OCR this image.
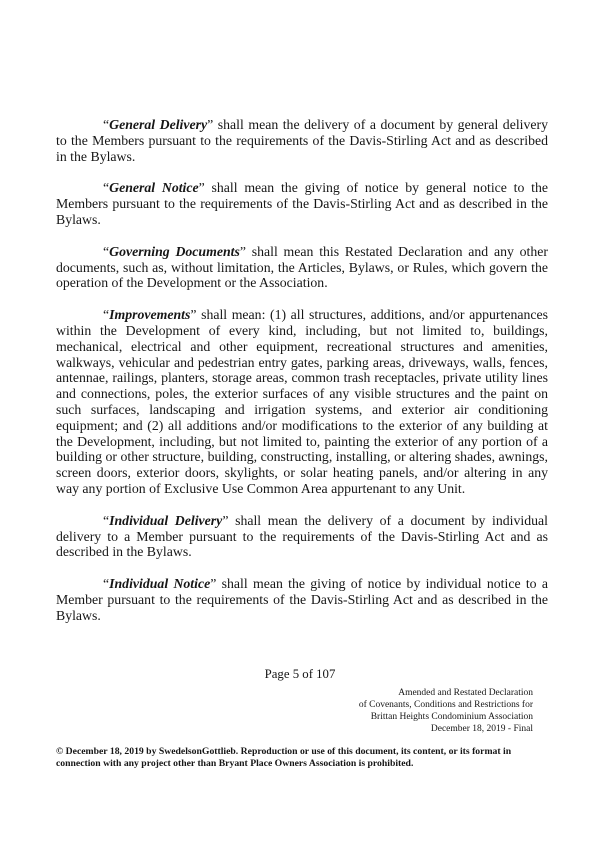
“General Delivery” shall mean the delivery of a document by general delivery to the Members pursuant to the requirements of the Davis-Stirling Act and as described in the Bylaws.

“General Notice” shall mean the giving of notice by general notice to the Members pursuant to the requirements of the Davis-Stirling Act and as described in the Bylaws.

“Governing Documents” shall mean this Restated Declaration and any other documents, such as, without limitation, the Articles, Bylaws, or Rules, which govern the operation of the Development or the Association.

“Improvements” shall mean: (1) all structures, additions, and/or appurtenances within the Development of every kind, including, but not limited to, buildings, mechanical, electrical and other equipment, recreational structures and amenities, walkways, vehicular and pedestrian entry gates, parking areas, driveways, walls, fences, antennae, railings, planters, storage areas, common trash receptacles, private utility lines and connections, poles, the exterior surfaces of any visible structures and the paint on such surfaces, landscaping and irrigation systems, and exterior air conditioning equipment; and (2) all additions and/or modifications to the exterior of any building at the Development, including, but not limited to, painting the exterior of any portion of a building or other structure, building, constructing, installing, or altering shades, awnings, screen doors, exterior doors, skylights, or solar heating panels, and/or altering in any way any portion of Exclusive Use Common Area appurtenant to any Unit.

“Individual Delivery” shall mean the delivery of a document by individual delivery to a Member pursuant to the requirements of the Davis-Stirling Act and as described in the Bylaws.

“Individual Notice” shall mean the giving of notice by individual notice to a Member pursuant to the requirements of the Davis-Stirling Act and as described in the Bylaws.

Page 5 of 107
Amended and Restated Declaration
of Covenants, Conditions and Restrictions for
Brittan Heights Condominium Association
December 18, 2019 - Final
© December 18, 2019 by SwedelsonGottlieb. Reproduction or use of this document, its content, or its format in
connection with any project other than Bryant Place Owners Association is prohibited.
